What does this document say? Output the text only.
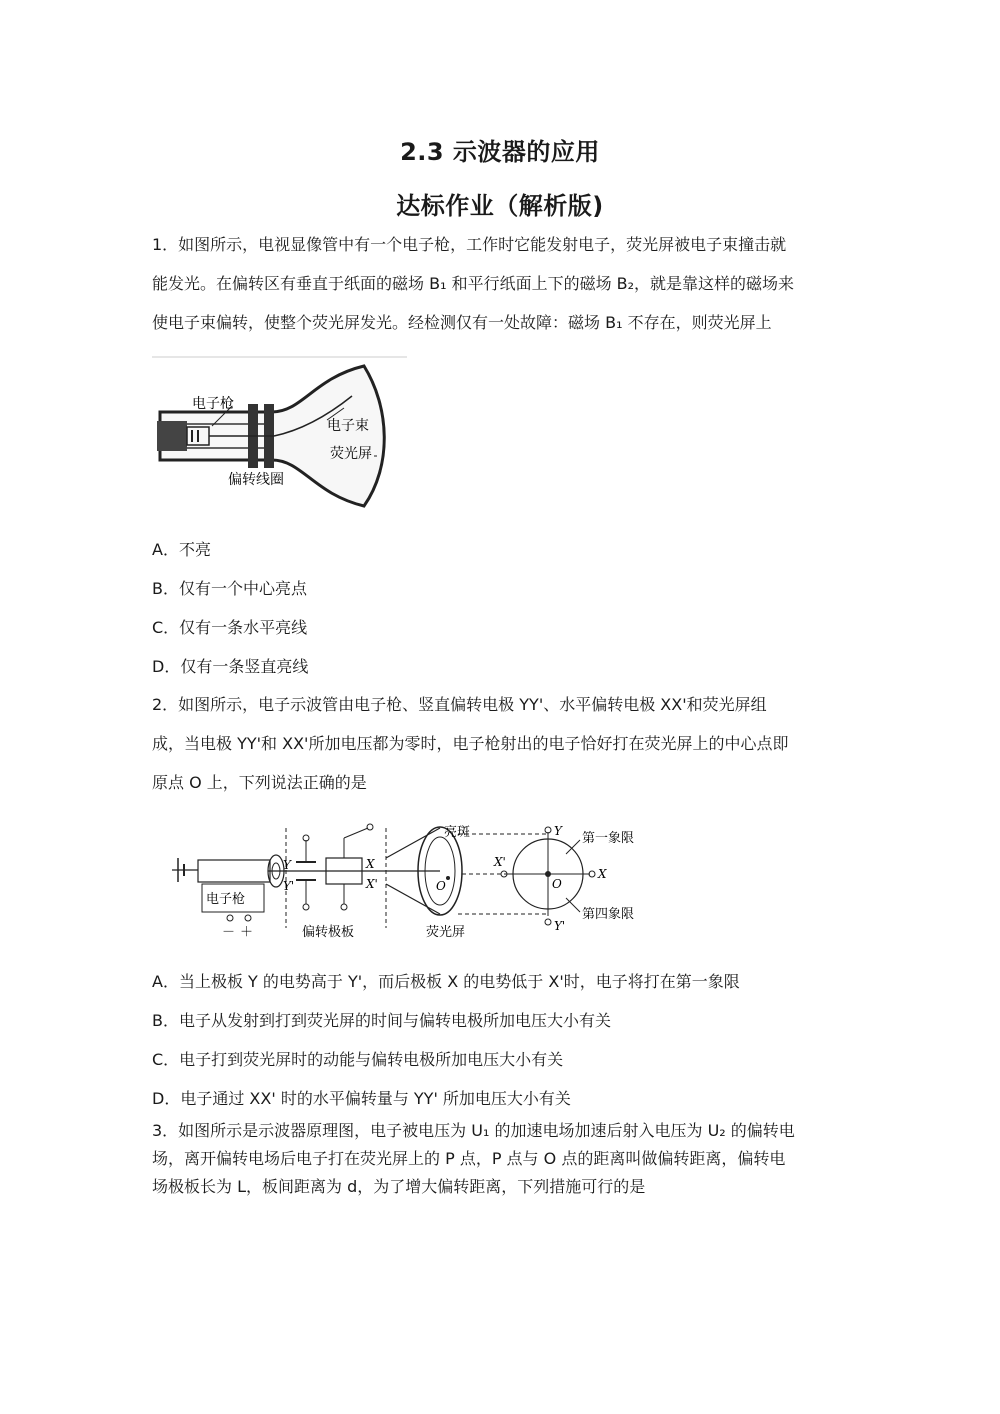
2.3 示波器的应用
达标作业（解析版)
1．如图所示，电视显像管中有一个电子枪，工作时它能发射电子，荧光屏被电子束撞击就
能发光。在偏转区有垂直于纸面的磁场 B₁ 和平行纸面上下的磁场 B₂，就是靠这样的磁场来
使电子束偏转，使整个荧光屏发光。经检测仅有一处故障：磁场 B₁ 不存在，则荧光屏上
电子枪
电子束
荧光屏
偏转线圈
A．不亮
B．仅有一个中心亮点
C．仅有一条水平亮线
D．仅有一条竖直亮线
2．如图所示，电子示波管由电子枪、竖直偏转电极 YY'、水平偏转电极 XX'和荧光屏组
成，当电极 YY'和 XX'所加电压都为零时，电子枪射出的电子恰好打在荧光屏上的中心点即
原点 O 上，下列说法正确的是
电子枪
－ ＋
Y
Y'
X
X'
偏转极板
O
亮斑
荧光屏
Y
Y'
X
X'
O
第一象限
第四象限
A．当上极板 Y 的电势高于 Y'，而后极板 X 的电势低于 X'时，电子将打在第一象限
B．电子从发射到打到荧光屏的时间与偏转电极所加电压大小有关
C．电子打到荧光屏时的动能与偏转电极所加电压大小有关
D．电子通过 XX' 时的水平偏转量与 YY' 所加电压大小有关
3．如图所示是示波器原理图，电子被电压为 U₁ 的加速电场加速后射入电压为 U₂ 的偏转电
场，离开偏转电场后电子打在荧光屏上的 P 点，P 点与 O 点的距离叫做偏转距离，偏转电
场极板长为 L，板间距离为 d，为了增大偏转距离，下列措施可行的是
